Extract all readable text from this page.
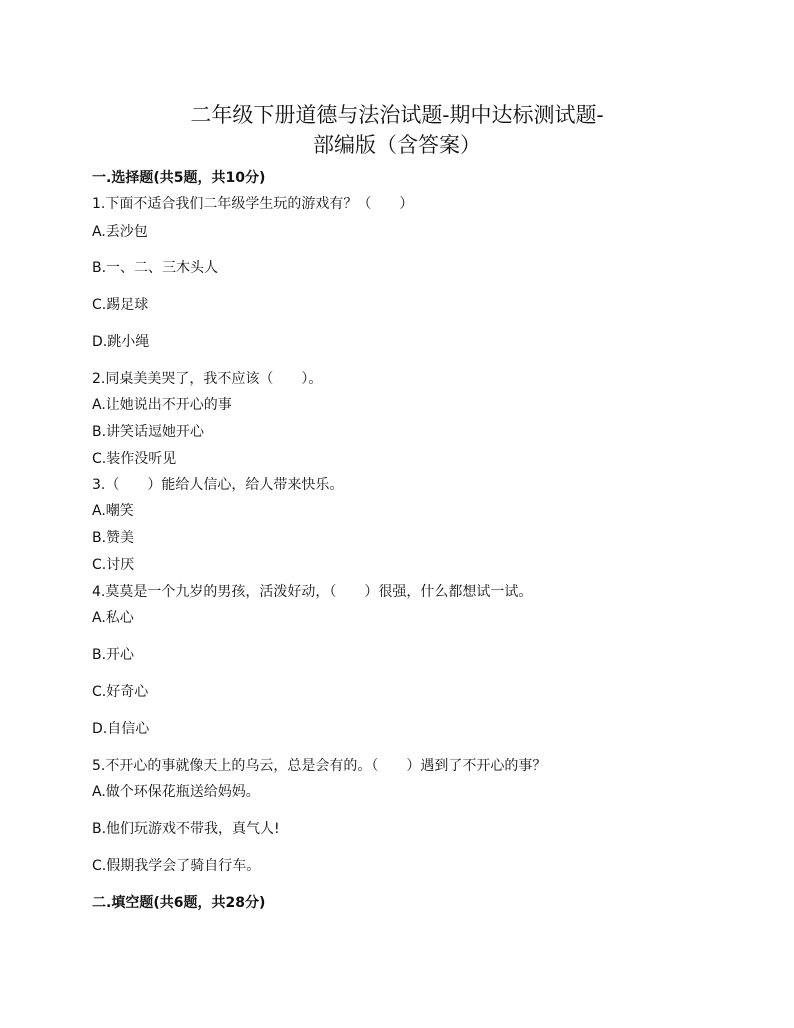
二年级下册道德与法治试题-期中达标测试题-
部编版（含答案）
一.选择题(共5题，共10分)
1.下面不适合我们二年级学生玩的游戏有？（　　）
A.丢沙包
B.一、二、三木头人
C.踢足球
D.跳小绳
2.同桌美美哭了，我不应该（　　）。
A.让她说出不开心的事
B.讲笑话逗她开心
C.装作没听见
3.（　　）能给人信心，给人带来快乐。
A.嘲笑
B.赞美
C.讨厌
4.莫莫是一个九岁的男孩，活泼好动，（　　）很强，什么都想试一试。
A.私心
B.开心
C.好奇心
D.自信心
5.不开心的事就像天上的乌云，总是会有的。（　　）遇到了不开心的事？
A.做个环保花瓶送给妈妈。
B.他们玩游戏不带我，真气人!
C.假期我学会了骑自行车。
二.填空题(共6题，共28分)
